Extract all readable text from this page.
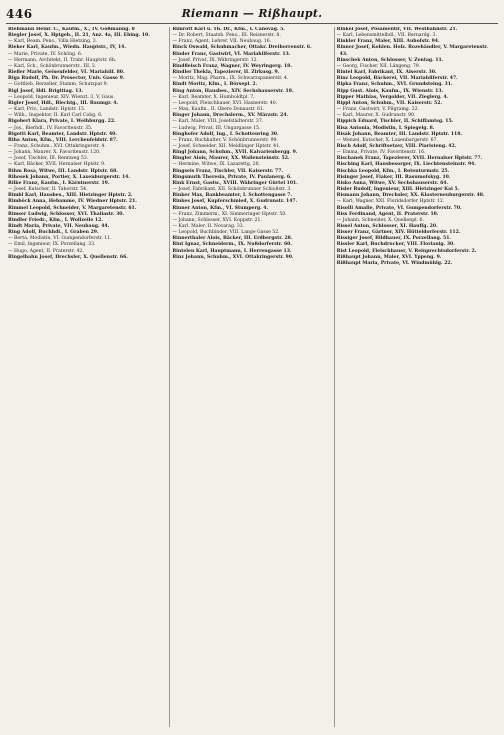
446	Riemann — Rißhaupt.
Riehmann Heinr. C., Kaufm., X., IV. Goßmanng. 8
Riegler Josef, X. Hptgeb., II. 21, Anz. 4a, III. Ebing. 10.
— Karl, Beam. Pens., Villa Hietzing, 3.
Rieker Karl, Kaufm., Wiedn. Hauptstr., IV, 14.
— Marie, Private, IV. Schöng. 6.
— Hermann, Architekt, II. Trabr. Hauptstr. 6b.
— Karl, Sch., Schönbrunnerstr., III, 2.
Riefler Marie, Geisenfelder, VI. Mariahilf. 80.
Riga Rudolf, Ph. Dr. Prosector, Univ. Gasse 9.
— Gottlieb, Berzeller, Stamm, Schutzpat 9.
Rigl Josef, Hdl. Brigittag. 13.
— Leopold, Ingenieur, XIV. Wienzt. 3, V, Gaus.
Rigler Josef, Hdl., Blechtg., III. Baumgr. 4.
— Karl, Priv., Landstr. Hptstr. 15.
— Wilh., Inspektor, II. Karl Carl Cobg. 6.
Rigobert Klara, Private, I. Weihburgg. 22.
— Jos., Bierhdl., IV. Favoritenstr. 35.
Rigotti Karl, Beamter, Landstr. Hptstr. 40.
Riha Anton, Kfm., VIII. Lerchenfeldstr. 87.
— Franz, Schuhm., XVI. Ottakringerstr. 4.
— Johann, Maurer, X. Favoritenstr. 120.
— Josef, Tischler, III. Rennweg 53.
— Karl, Bäcker, XVII. Hernalser Hptstr. 9.
Rihm Rosa, Witwe, III. Landstr. Hptstr. 68.
Rihosek Johann, Portier, X. Laxenburgerstr. 14.
Rilke Franz, Kaufm., I. Kärntnerstr. 19.
— Josef, Kutscher, II. Taborstr. 54.
Rimbl Karl, Hausbes., XIII. Hietzinger Hptstr. 2.
Rimböck Anna, Hebamme, IV. Wiedner Hptstr. 21.
Rimmel Leopold, Schneider, V. Margaretenstr. 61.
Rimser Ludwig, Schlosser, XVI. Thaliastr. 30.
Rindler Friedr., Kfm., I. Wollzeile 12.
Rindt Maria, Private, VII. Neubaug. 44.
Ring Adolf, Buchhdl., I. Graben 29.
— Berta, Modistin, VI. Gumpendorferstr. 11.
— Emil, Ingenieur, IX. Porzellang. 33.
— Hugo, Agent, II. Praterstr. 42.
Ringelhahn Josef, Drechsler, X. Quellenstr. 66.
Rimrott Karl u. Th. Dr., Kfm., I. Canovag. 5.
— Dr. Robert, Staatsb. Pens., III. Reisnerstr. 8.
— Franz, Agent, Lehrer, VII. Neubaug. 16.
Rinck Oswald, Schuhmacher, Ottakr. Dreiherrenstr. 6.
Rinder Franz, Gastwirt, VI. Mariahilferstr. 13.
— Josef, Privat, IX. Währingerstr. 12.
Rindfleisch Franz, Wagner, IV. Weyringerg. 18.
Rindler Thekla, Tapezierer, II. Zirkusg. 9.
— Moritz, Mag. Pharm., IX. Schwarzspanierstr. 4.
Rindt Moritz, Kfm., I. Börsepl. 2.
Ring Anton, Hausbes., XIV. Sechshauserstr. 18.
— Karl, Beamter, X. Humboldtpl. 7.
— Leopold, Fleischhauer, XVI. Hasnerstr. 40.
— Max, Kaufm., II. Obere Donaustr. 61.
Ringer Johann, Drechslerm., XV. Märzstr. 24.
— Karl, Maler, VIII. Josefstädterstr. 37.
— Ludwig, Privat, III. Ungargasse 15.
Ringhofer Adolf, Ing., I. Schottenring 30.
— Franz, Buchhalter, V. Schönbrunnerstr. 99.
— Josef, Schneider, XII. Meidlinger Hptstr. 41.
Ringl Johann, Schuhm., XVII. Kalvarienbergg. 9.
Ringler Alois, Maurer, XX. Wallensteinstr. 52.
— Hermine, Witwe, IX. Lazarettg. 20.
Ringseis Franz, Tischler, VII. Kaiserstr. 77.
Ringsmuth Theresia, Private, IV. Paulanerg. 6.
Rink Ernst, Gastw., XVIII. Währinger Gürtel 101.
— Josef, Fabrikant, XII. Schönbrunner Schloßstr. 3.
Rinker Max, Bankbeamter, I. Schottengasse 7.
Rinkes Josef, Kupferschmied, X. Gudrunstr. 147.
Rinner Anton, Kfm., VI. Stumperg. 4.
— Franz, Zimmerm., XI. Simmeringer Hptstr. 50.
— Johann, Schlosser, XVI. Koppstr. 21.
— Karl, Maler, II. Novarag. 33.
— Leopold, Buchbinder, VIII. Lange Gasse 52.
Rinnerthaler Alois, Bäcker, III. Erdbergstr. 28.
Rint Ignaz, Schneiderm., IX. Nußdorferstr. 60.
Rintelen Karl, Hauptmann, I. Herrengasse 13.
Rinz Johann, Schuhm., XVI. Ottakringerstr. 90.
Rinkel Josef, Posamentir, VII. Westbahnstr. 21.
— Karl, Lebensmittelhdl., VII. Bernardg. 3.
Rinkler Franz, Maler, XIII. Auhofstr. 94.
Rinner Josef, Kohlen. Holz. Rozehändler, V. Margaretenstr. 43.
Rinschek Anton, Schlosser, V. Zentag. 11.
— Georg, Fischer, XII. Längeng. 79.
Rintel Karl, Fabrikant, IX. Alserstr. 30.
Rinz Leopold, Bäckerei, VII. Mariahilferstr. 47.
Ripka Franz, Schuhm., XVI. Grundsteing. 31.
Ripp Gust. Alois, Kaufm., IX. Wienstr. 13.
Ripper Mathias, Vergolder, VII. Zieglerg. 4.
Rippl Anton, Schuhm., VII. Kaiserstr. 52.
— Franz, Gastwirt, V. Pilgramg. 22.
— Karl, Maurer, X. Gudrunstr. 90.
Rippich Eduard, Tischler, II. Schiffamtsg. 15.
Risa Antonia, Modistin, I. Spiegelg. 8.
Risak Johann, Beamter, III. Landstr. Hptstr. 118.
— Wenzel, Kutscher, X. Laxenburgerstr. 67.
Risch Adolf, Schriftsetzer, VIII. Piaristeng. 42.
— Emma, Private, IV. Favoritenstr. 16.
Rischanek Franz, Tapezierer, XVII. Hernalser Hptstr. 77.
Risching Karl, Hausbesorger, IX. Liechtensteinstr. 94.
Rischka Leopold, Kfm., I. Rotenturmstr. 25.
Risinger Josef, Fiaker, III. Rasumofskyg. 10.
Risko Anna, Witwe, XV. Sechshauserstr. 64.
Risler Rudolf, Ingenieur, XIII. Hietzinger Kai 5.
Rismann Johann, Drechsler, XX. Klosterneuburgerstr. 48.
— Karl, Wagner, XXI. Floridsdorfer Hptstr. 12.
Risolli Amalie, Private, VI. Gumpendorferstr. 70.
Riss Ferdinand, Agent, II. Praterstr. 18.
— Johann, Schneider, X. Quellenpl. 6.
Rissel Anton, Schlosser, XI. Hauffg. 20.
Risser Franz, Gärtner, XIV. Hütteldorferstr. 112.
Rissiger Josef, Bildhauer, IX. Porzellang. 51.
Rissler Karl, Buchdrucker, VIII. Florianig. 30.
Rist Leopold, Fleischhauer, V. Reinprechtsdorferstr. 2.
Rißhaupt Johann, Maler, XVI. Yppeng. 9.
Rißhaupt Maria, Private, VI. Windmühlg. 22.
